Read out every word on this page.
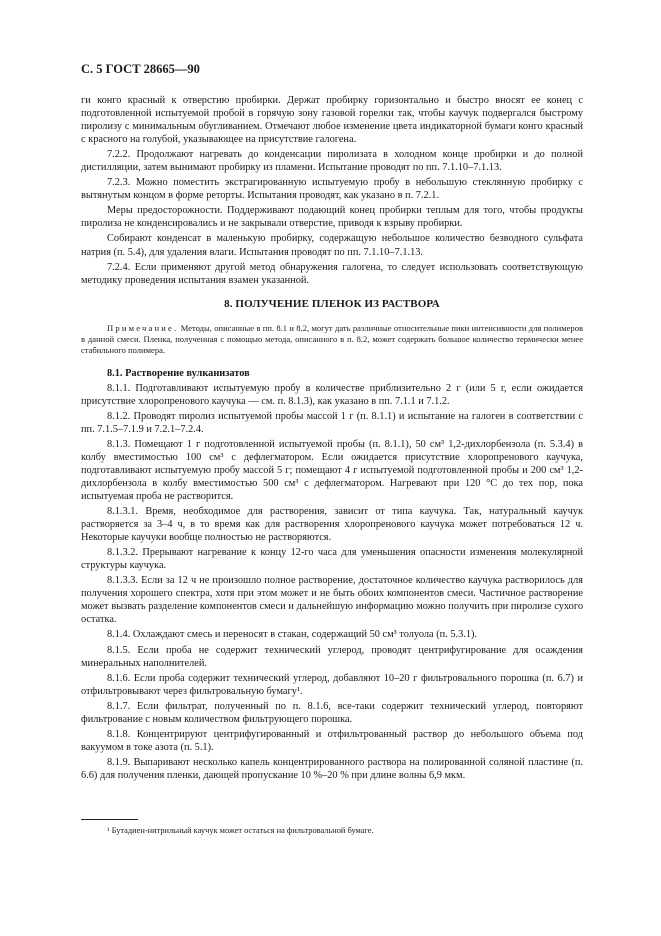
С. 5 ГОСТ 28665—90

ги конго красный к отверстию пробирки. Держат пробирку горизонтально и быстро вносят ее конец с подготовленной испытуемой пробой в горячую зону газовой горелки так, чтобы каучук подвергался быстрому пиролизу с минимальным обугливанием. Отмечают любое изменение цвета индикаторной бумаги конго красный с красного на голубой, указывающее на присутствие галогена.

7.2.2. Продолжают нагревать до конденсации пиролизата в холодном конце пробирки и до полной дистилляции, затем вынимают пробирку из пламени. Испытание проводят по пп. 7.1.10–7.1.13.

7.2.3. Можно поместить экстрагированную испытуемую пробу в небольшую стеклянную пробирку с вытянутым концом в форме реторты. Испытания проводят, как указано в п. 7.2.1.

Меры предосторожности. Поддерживают подающий конец пробирки теплым для того, чтобы продукты пиролиза не конденсировались и не закрывали отверстие, приводя к взрыву пробирки.

Собирают конденсат в маленькую пробирку, содержащую небольшое количество безводного сульфата натрия (п. 5.4), для удаления влаги. Испытания проводят по пп. 7.1.10–7.1.13.

7.2.4. Если применяют другой метод обнаружения галогена, то следует использовать соответствующую методику проведения испытания взамен указанной.

8. ПОЛУЧЕНИЕ ПЛЕНОК ИЗ РАСТВОРА

Примечание. Методы, описанные в пп. 8.1 и 8.2, могут дать различные относительные пики интенсивности для полимеров в данной смеси. Пленка, полученная с помощью метода, описанного в п. 8.2, может содержать большое количество термически менее стабильного полимера.

8.1. Растворение вулканизатов

8.1.1. Подготавливают испытуемую пробу в количестве приблизительно 2 г (или 5 г, если ожидается присутствие хлоропренового каучука — см. п. 8.1.3), как указано в пп. 7.1.1 и 7.1.2.

8.1.2. Проводят пиролиз испытуемой пробы массой 1 г (п. 8.1.1) и испытание на галоген в соответствии с пп. 7.1.5–7.1.9 и 7.2.1–7.2.4.

8.1.3. Помещают 1 г подготовленной испытуемой пробы (п. 8.1.1), 50 см³ 1,2-дихлорбензола (п. 5.3.4) в колбу вместимостью 100 см³ с дефлегматором. Если ожидается присутствие хлоропренового каучука, подготавливают испытуемую пробу массой 5 г; помещают 4 г испытуемой подготовленной пробы и 200 см³ 1,2-дихлорбензола в колбу вместимостью 500 см³ с дефлегматором. Нагревают при 120 °С до тех пор, пока испытуемая проба не растворится.

8.1.3.1. Время, необходимое для растворения, зависит от типа каучука. Так, натуральный каучук растворяется за 3–4 ч, в то время как для растворения хлоропренового каучука может потребоваться 12 ч. Некоторые каучуки вообще полностью не растворяются.

8.1.3.2. Прерывают нагревание к концу 12-го часа для уменьшения опасности изменения молекулярной структуры каучука.

8.1.3.3. Если за 12 ч не произошло полное растворение, достаточное количество каучука растворилось для получения хорошего спектра, хотя при этом может и не быть обоих компонентов смеси. Частичное растворение может вызвать разделение компонентов смеси и дальнейшую информацию можно получить при пиролизе сухого остатка.

8.1.4. Охлаждают смесь и переносят в стакан, содержащий 50 см³ толуола (п. 5.3.1).

8.1.5. Если проба не содержит технический углерод, проводят центрифугирование для осаждения минеральных наполнителей.

8.1.6. Если проба содержит технический углерод, добавляют 10–20 г фильтровального порошка (п. 6.7) и отфильтровывают через фильтровальную бумагу¹.

8.1.7. Если фильтрат, полученный по п. 8.1.6, все-таки содержит технический углерод, повторяют фильтрование с новым количеством фильтрующего порошка.

8.1.8. Концентрируют центрифугированный и отфильтрованный раствор до небольшого объема под вакуумом в токе азота (п. 5.1).

8.1.9. Выпаривают несколько капель концентрированного раствора на полированной соляной пластине (п. 6.6) для получения пленки, дающей пропускание 10 %–20 % при длине волны 6,9 мкм.

¹ Бутадиен-нитрильный каучук может остаться на фильтровальной бумаге.
